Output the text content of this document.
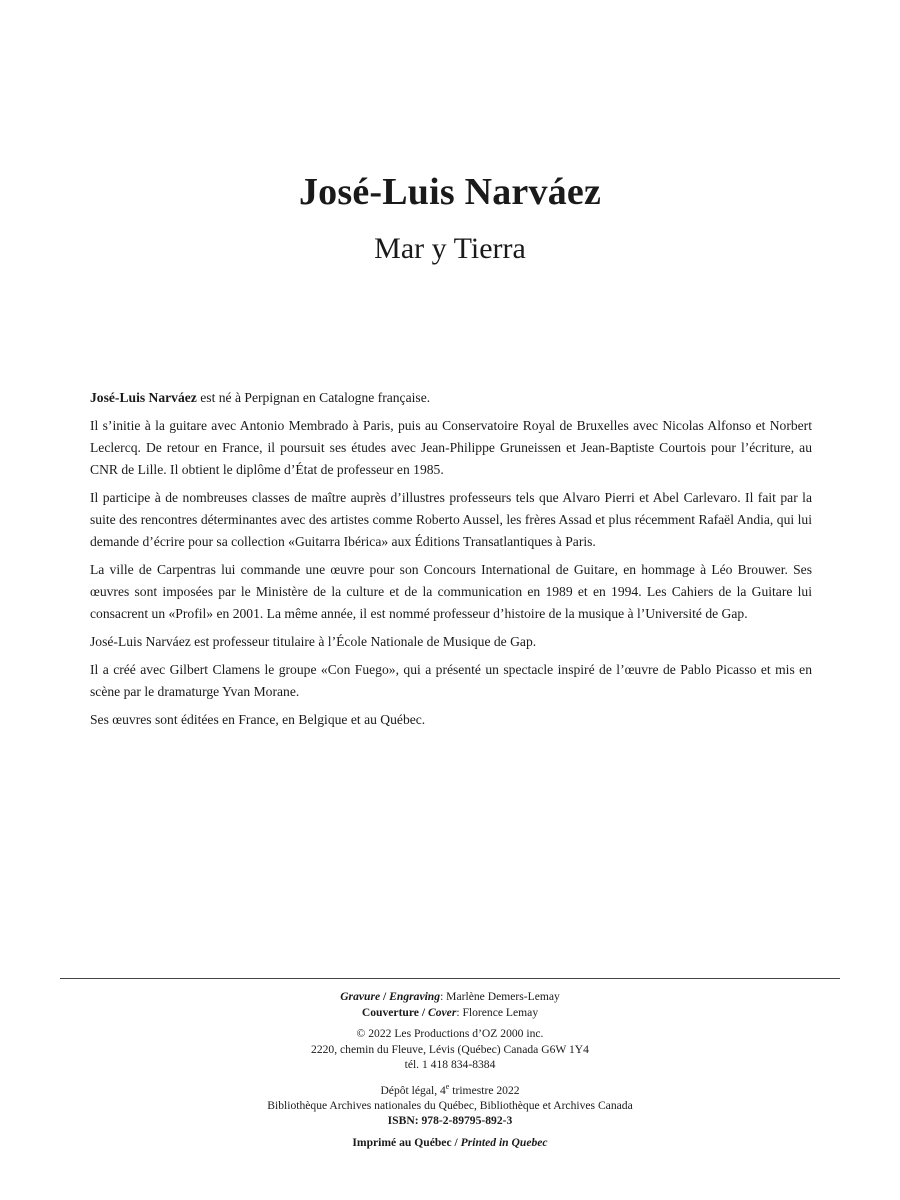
José-Luis Narváez
Mar y Tierra

José-Luis Narváez est né à Perpignan en Catalogne française.

Il s’initie à la guitare avec Antonio Membrado à Paris, puis au Conservatoire Royal de Bruxelles avec Nicolas Alfonso et Norbert Leclercq. De retour en France, il poursuit ses études avec Jean-Philippe Gruneissen et Jean-Baptiste Courtois pour l’écriture, au CNR de Lille. Il obtient le diplôme d’État de professeur en 1985.

Il participe à de nombreuses classes de maître auprès d’illustres professeurs tels que Alvaro Pierri et Abel Carlevaro. Il fait par la suite des rencontres déterminantes avec des artistes comme Roberto Aussel, les frères Assad et plus récemment Rafaël Andia, qui lui demande d’écrire pour sa collection «Guitarra Ibérica» aux Éditions Transatlantiques à Paris.

La ville de Carpentras lui commande une œuvre pour son Concours International de Guitare, en hommage à Léo Brouwer. Ses œuvres sont imposées par le Ministère de la culture et de la communication en 1989 et en 1994. Les Cahiers de la Guitare lui consacrent un «Profil» en 2001. La même année, il est nommé professeur d’histoire de la musique à l’Université de Gap.

José-Luis Narváez est professeur titulaire à l’École Nationale de Musique de Gap.

Il a créé avec Gilbert Clamens le groupe «Con Fuego», qui a présenté un spectacle inspiré de l’œuvre de Pablo Picasso et mis en scène par le dramaturge Yvan Morane.

Ses œuvres sont éditées en France, en Belgique et au Québec.

Gravure / Engraving: Marlène Demers-Lemay
Couverture / Cover: Florence Lemay
© 2022 Les Productions d’OZ 2000 inc.
2220, chemin du Fleuve, Lévis (Québec) Canada G6W 1Y4
tél. 1 418 834-8384
Dépôt légal, 4e trimestre 2022
Bibliothèque Archives nationales du Québec, Bibliothèque et Archives Canada
ISBN: 978-2-89795-892-3
Imprimé au Québec / Printed in Quebec
